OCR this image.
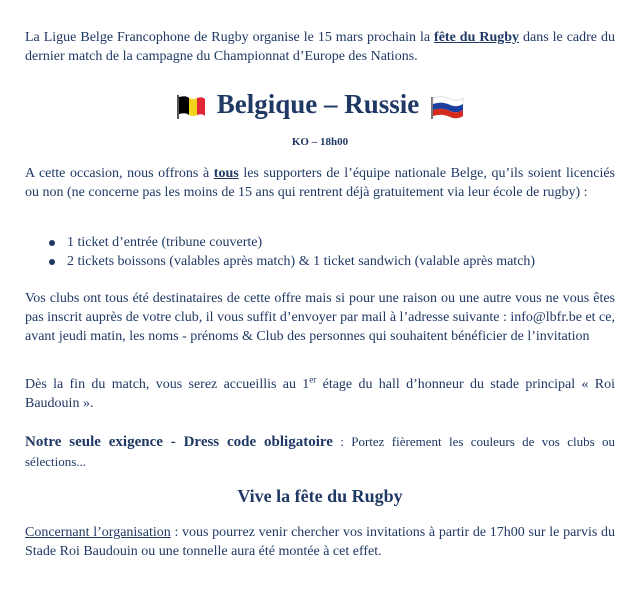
La Ligue Belge Francophone de Rugby organise le 15 mars prochain la fête du Rugby dans le cadre du dernier match de la campagne du Championnat d’Europe des Nations.

Belgique – Russie
KO – 18h00

A cette occasion, nous offrons à tous les supporters de l’équipe nationale Belge, qu’ils soient licenciés ou non (ne concerne pas les moins de 15 ans qui rentrent déjà gratuitement via leur école de rugby) :

1 ticket d’entrée (tribune couverte)
2 tickets boissons (valables après match) & 1 ticket sandwich (valable après match)

Vos clubs ont tous été destinataires de cette offre mais si pour une raison ou une autre vous ne vous êtes pas inscrit auprès de votre club, il vous suffit d’envoyer par mail à l’adresse suivante : info@lbfr.be et ce, avant jeudi matin, les noms - prénoms & Club des personnes qui souhaitent bénéficier de l’invitation

Dès la fin du match, vous serez accueillis au 1er étage du hall d’honneur du stade principal « Roi Baudouin ».

Notre seule exigence - Dress code obligatoire : Portez fièrement les couleurs de vos clubs ou sélections...

Vive la fête du Rugby

Concernant l’organisation : vous pourrez venir chercher vos invitations à partir de 17h00 sur le parvis du Stade Roi Baudouin ou une tonnelle aura été montée à cet effet.
